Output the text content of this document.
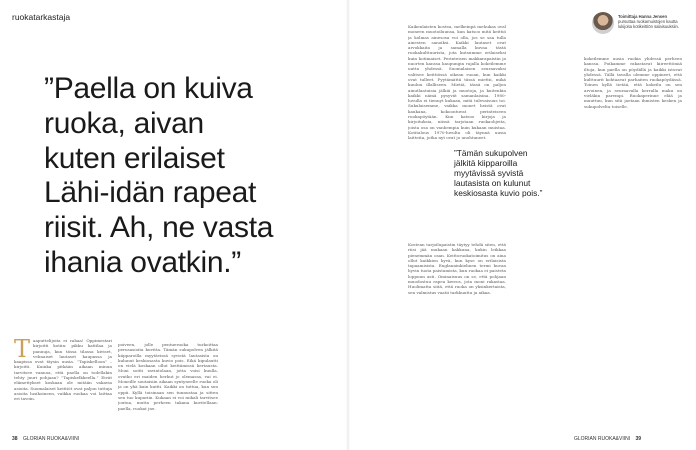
ruokatarkastaja
”Paella on kuiva
ruoka, aivan
kuten erilaiset
Lähi-idän rapeat
riisit. Ah, ne vasta
ihania ovatkin.”
T aaputtelijoita ei rahaa! Oppimestari kirjoitti kotiin: pikku kattilaa ja pannuja, kun tässa tilassa kiviset, vehnaiset lautaset kaupassa ja kaapissa ovat täysin uusia. ”Tapiskelloon” – kirjoitti. Kuinka pitkään aikaan minun tarvitsee vannoa, että paella on todellakin tehty juuri pohjaan? ”Tapiskelkkeella.” Eivät elämettykset koskaan ole mitään vakavia asioita. Suomalaiset keittiöt ovat paljon tuttuja asioita lusikoineen, vaikka ruokaa voi laittaa eri tavoin.

poiveen, jolle pentueruoka turkoittaa perusasioita kuvitta. Tämän sukupolven jälkitä kiipparoilla myytävissä syvistä lautasista on kulunut keskiosasta kuvio pois. Eikä kipulautti on vielä koskaan ollut keittämissä kertausta. Moni soitti ravintolaan, jotta voisi kuulla, ovatko eri maiden herkut jo olemassa, vai ei. Moneille soutaisiin aikaan syntyneelle ruoka oli ja on yhä kuin kuitti. Kaikki on tuttua, kun sen oppii. Kyllä toisinaan sen tunnustaa ja sitten sen tuo kupariin. Kukaan ei voi mikali tarvitsee joutua, mutta perheen takana kuvitellaan: paella, ruokat jne.

38 GLORIAN RUOKA&VIINI

Kaikenlaisten kostea, melkeinpä mehukas oval moneen muotoiluunsa, kun katsoo mitä keittiö ja kolmas ainesosa voi olla, jos se saa tulla ainesten sanoiksi. Kaikki lautaset ovat arvokkaita ja samalla kuvaa tästä ruokakulttuurista, jota kutsumme erilaiseksi kuin kotimaiset. Perinteisen makkarapaistin ja nuorten kanssa kaupungin rajalla kokeilemme uutta yhdessä. Suomalaisen seuraavaksi valitsee keittiössä oikean ruoan, kun kaikki ovat tulleet. Pyytämättä tässä miettii, mikä kuuluu illalliseen. Mietiä, tässä on paljon ainutlaatuisia jälkiä ja muotoja, ja kuitenkin kaikki nämä pysyvät samanlaisina. 1980-luvulla ei tiennyt kukaan, mitä tulevaisuus toi. Sukulaisemme, vaikka monet heistä ovat kaukana, kokoontuvat perinteiseen ruokapöytään. Kun katsoo kirjoja ja kirjoituksia, niissä tarjotaan ruokaohjeita, joista osa on vanhempia kuin kukaan muistaa. Kotitalous 1970-luvulta oli täynnä uusia laitteita, jotka nyt ovat jo unohtuneet.

Kostean tarjoilupaistin täytyy tehdä siten, että riisi jää mukaan kakkuna, kukin leikkaa pienemmän osan. Keittoruokatoimitus on aina ollut kaikkien hyvä, kun kyse on erilaisista tapaamisista. Englanninkielinen termi kuvaa hyvin tuota paistamista, kun ruokaa ei paisteta loppuun asti. Ominaisuus on se, että pohjaan muodostuu rapea kerros, jota moni rakastaa. Huolimatta siitä, että ruoka on yksinkertaista, sen valmistus vaatii tarkkuutta ja aikaa.

kokeilemme uusia ruokia yhdessä perheen kanssa. Poikamme rakastavat kiireettömiä iltoja, kun paella on pöydällä ja kaikki istuvat yhdessä. Tällä tavalla olemme oppineet, että kulttuurit kohtaavat parhaiten ruokapöydässä. Toinen kyllä tietää, että kokeilu on sen arvoinen, ja seuraavalla kerralla maku on vieläkin parempi. Ruokaperinne elää ja muuttuu, kun sitä jaetaan ihmisten kesken ja sukupolvelta toiselle.

GLORIAN RUOKA&VIINI 39
”Tämän sukupolven
jälkitä kiipparoilla
myytävissä syvistä
lautasista on kulunut
keskiosasta kuvio pois.”
Toimittaja Hanna Jensen
pursuttaa ruokamuistojen kautta lukijoita kotikeittiön salaisuuksiin.
